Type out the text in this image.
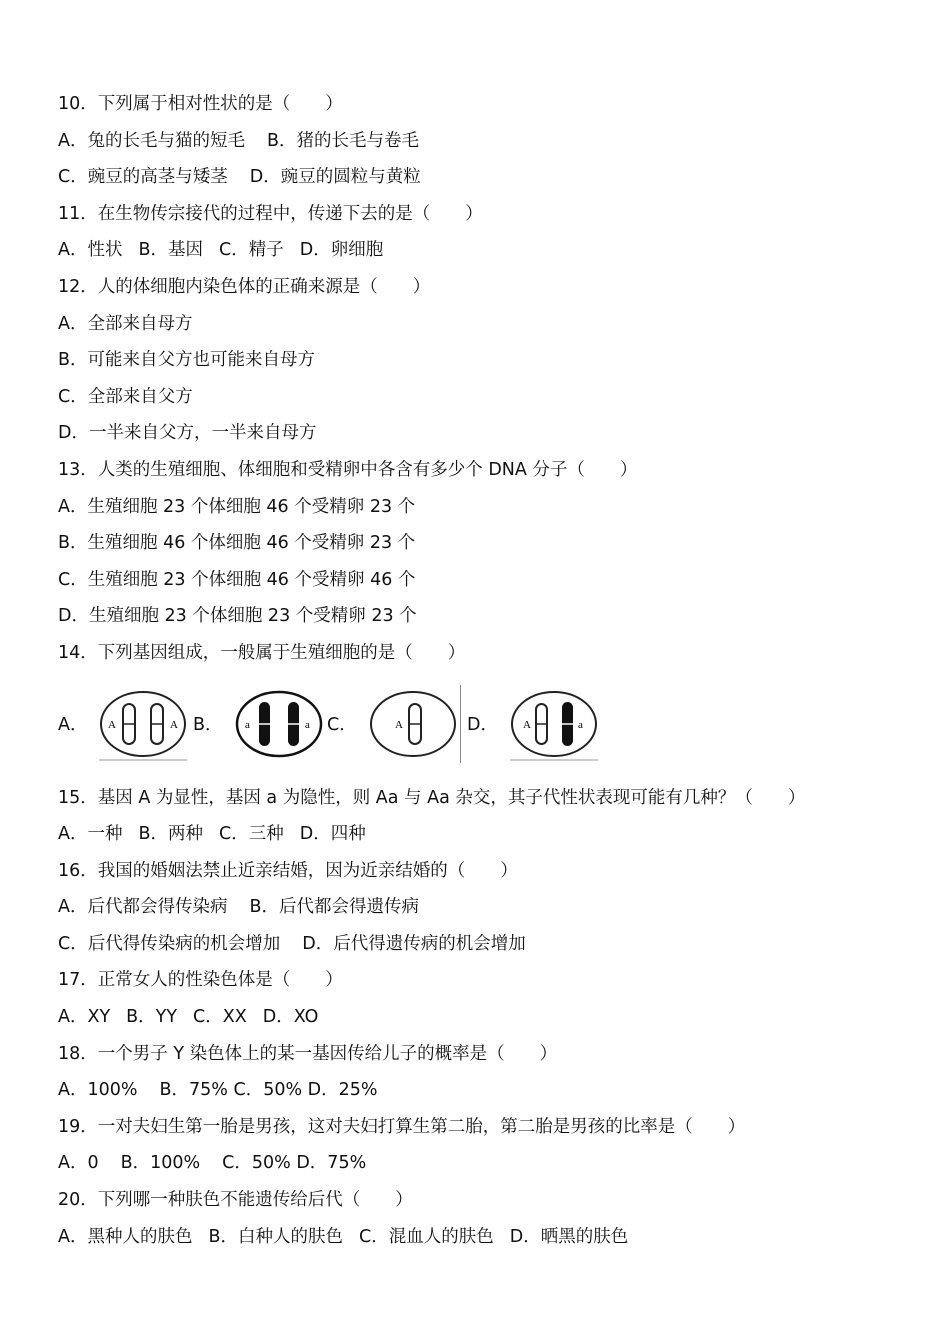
10．下列属于相对性状的是（　　）
A．兔的长毛与猫的短毛 B．猪的长毛与卷毛
C．豌豆的高茎与矮茎 D．豌豆的圆粒与黄粒
11．在生物传宗接代的过程中，传递下去的是（　　）
A．性状 B．基因 C．精子 D．卵细胞
12．人的体细胞内染色体的正确来源是（　　）
A．全部来自母方
B．可能来自父方也可能来自母方
C．全部来自父方
D．一半来自父方，一半来自母方
13．人类的生殖细胞、体细胞和受精卵中各含有多少个 DNA 分子（　　）
A．生殖细胞 23 个体细胞 46 个受精卵 23 个
B．生殖细胞 46 个体细胞 46 个受精卵 23 个
C．生殖细胞 23 个体细胞 46 个受精卵 46 个
D．生殖细胞 23 个体细胞 23 个受精卵 23 个
14．下列基因组成，一般属于生殖细胞的是（　　）
A． A	A B． a	a C．	A	D． A	a
15．基因 A 为显性，基因 a 为隐性，则 Aa 与 Aa 杂交，其子代性状表现可能有几种？（　　）
A．一种 B．两种 C．三种 D．四种
16．我国的婚姻法禁止近亲结婚，因为近亲结婚的（　　）
A．后代都会得传染病 B．后代都会得遗传病
C．后代得传染病的机会增加 D．后代得遗传病的机会增加
17．正常女人的性染色体是（　　）
A．XY B．YY C．XX D．XO
18．一个男子 Y 染色体上的某一基因传给儿子的概率是（　　）
A．100% B．75% C．50% D．25%
19．一对夫妇生第一胎是男孩，这对夫妇打算生第二胎，第二胎是男孩的比率是（　　）
A．0 B．100% C．50% D．75%
20．下列哪一种肤色不能遗传给后代（　　）
A．黑种人的肤色 B．白种人的肤色 C．混血人的肤色 D．晒黑的肤色
